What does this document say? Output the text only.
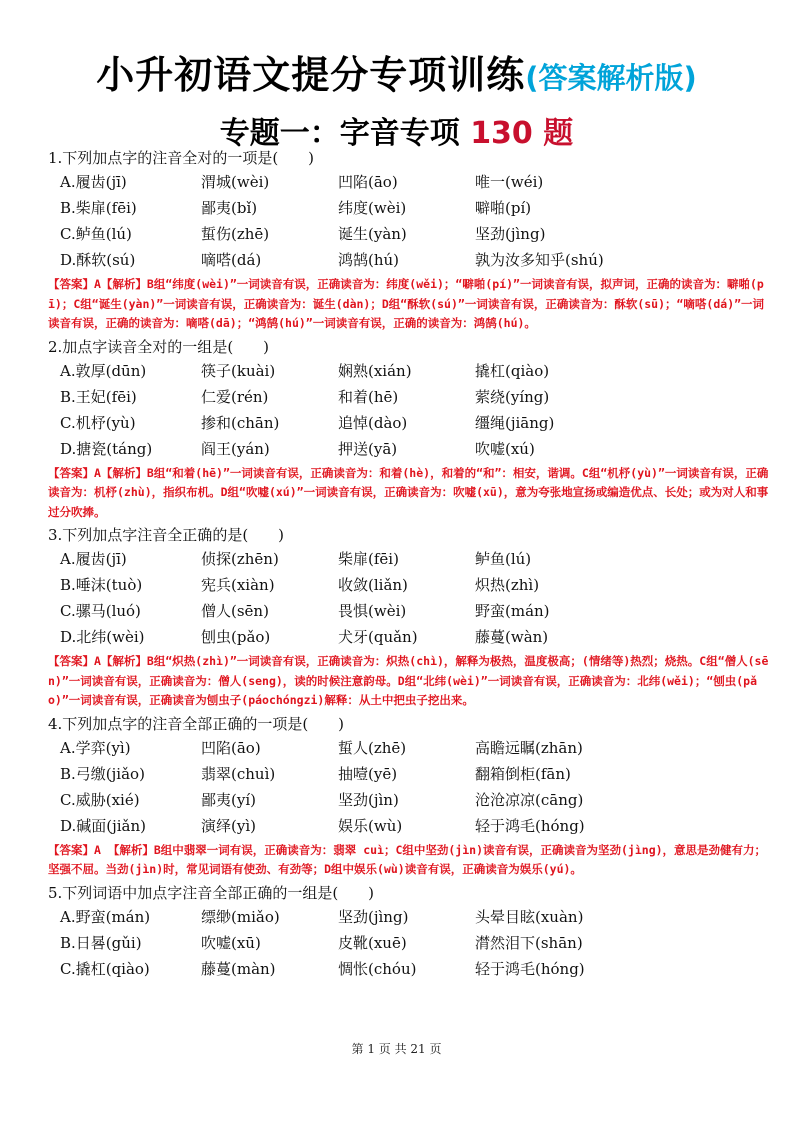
小升初语文提分专项训练(答案解析版)
专题一：字音专项 130 题
1.下列加点字的注音全对的一项是(　　)
A.履齿(jī)	渭城(wèi)	凹陷(āo)	唯一(wéi)
B.柴扉(fēi)	鄙夷(bǐ)	纬度(wèi)	噼啪(pí)
C.鲈鱼(lú)	蜇伤(zhē)	诞生(yàn)	坚劲(jìng)
D.酥软(sú)	嘀嗒(dá)	鸿鹄(hú)	孰为汝多知乎(shú)
【答案】A【解析】B组“纬度(wèi)”一词读音有误，正确读音为：纬度(wěi)；“噼啪(pí)”一词读音有误，拟声词，正确的读音为：噼啪(pī)；C组“诞生(yàn)”一词读音有误，正确读音为：诞生(dàn)；D组“酥软(sú)”一词读音有误，正确读音为：酥软(sū)；“嘀嗒(dá)”一词读音有误，正确的读音为：嘀嗒(dā)；“鸿鹄(hú)”一词读音有误，正确的读音为：鸿鹄(hú)。
2.加点字读音全对的一组是(　　)
A.敦厚(dūn)	筷子(kuài)	娴熟(xián)	撬杠(qiào)
B.王妃(fēi)	仁爱(rén)	和着(hē)	萦绕(yíng)
C.机杼(yù)	掺和(chān)	追悼(dào)	缰绳(jiāng)
D.搪瓷(táng)	阎王(yán)	押送(yā)	吹嘘(xú)
【答案】A【解析】B组“和着(hē)”一词读音有误，正确读音为：和着(hè)，和着的“和”：相安，谐调。C组“机杼(yù)”一词读音有误，正确读音为：机杼(zhù)，指织布机。D组“吹嘘(xú)”一词读音有误，正确读音为：吹嘘(xū)，意为夸张地宣扬或编造优点、长处；或为对人和事过分吹捧。
3.下列加点字注音全正确的是(　　)
A.履齿(jī)	侦探(zhēn)	柴扉(fēi)	鲈鱼(lú)
B.唾沫(tuò)	宪兵(xiàn)	收敛(liǎn)	炽热(zhì)
C.骡马(luó)	僧人(sēn)	畏惧(wèi)	野蛮(mán)
D.北纬(wèi)	刨虫(pǎo)	犬牙(quǎn)	藤蔓(wàn)
【答案】A【解析】B组“炽热(zhì)”一词读音有误，正确读音为：炽热(chì)，解释为极热，温度极高；(情绪等)热烈；烧热。C组“僧人(sēn)”一词读音有误，正确读音为：僧人(seng)，读的时候注意韵母。D组“北纬(wèi)”一词读音有误，正确读音为：北纬(wěi)；“刨虫(pǎo)”一词读音有误，正确读音为刨虫子(páochóngzi)解释：从土中把虫子挖出来。
4.下列加点字的注音全部正确的一项是(　　)
A.学弈(yì)	凹陷(āo)	蜇人(zhē)	高瞻远瞩(zhān)
B.弓缴(jiǎo)	翡翠(chuì)	抽噎(yē)	翻箱倒柜(fān)
C.威胁(xié)	鄙夷(yí)	坚劲(jìn)	沧沧凉凉(cāng)
D.碱面(jiǎn)	演绎(yì)	娱乐(wù)	轻于鸿毛(hóng)
【答案】A 【解析】B组中翡翠一词有误，正确读音为：翡翠 cuì；C组中坚劲(jìn)读音有误，正确读音为坚劲(jìng)，意思是劲健有力；坚强不屈。当劲(jìn)时，常见词语有使劲、有劲等；D组中娱乐(wù)读音有误，正确读音为娱乐(yú)。
5.下列词语中加点字注音全部正确的一组是(　　)
A.野蛮(mán)	缥缈(miǎo)	坚劲(jìng)	头晕目眩(xuàn)
B.日晷(gǔi)	吹嘘(xū)	皮靴(xuē)	潸然泪下(shān)
C.撬杠(qiào)	藤蔓(màn)	惆怅(chóu)	轻于鸿毛(hóng)
第 1 页 共 21 页
